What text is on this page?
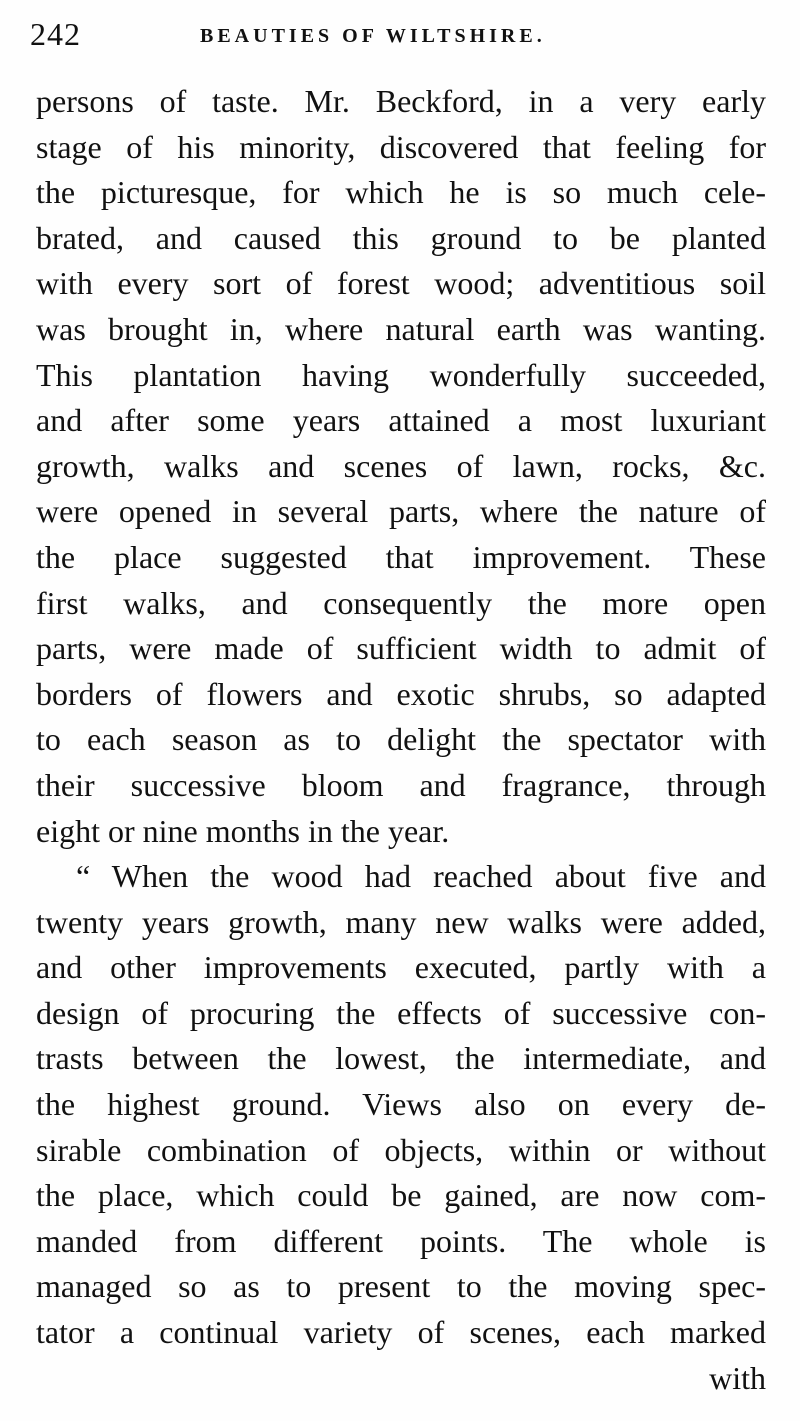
242	BEAUTIES OF WILTSHIRE.
persons of taste. Mr. Beckford, in a very early
stage of his minority, discovered that feeling for
the picturesque, for which he is so much cele-
brated, and caused this ground to be planted
with every sort of forest wood; adventitious soil
was brought in, where natural earth was wanting.
This plantation having wonderfully succeeded,
and after some years attained a most luxuriant
growth, walks and scenes of lawn, rocks, &c.
were opened in several parts, where the nature of
the place suggested that improvement. These
first walks, and consequently the more open
parts, were made of sufficient width to admit of
borders of flowers and exotic shrubs, so adapted
to each season as to delight the spectator with
their successive bloom and fragrance, through
eight or nine months in the year.
“ When the wood had reached about five and
twenty years growth, many new walks were added,
and other improvements executed, partly with a
design of procuring the effects of successive con-
trasts between the lowest, the intermediate, and
the highest ground. Views also on every de-
sirable combination of objects, within or without
the place, which could be gained, are now com-
manded from different points. The whole is
managed so as to present to the moving spec-
tator a continual variety of scenes, each marked
with
